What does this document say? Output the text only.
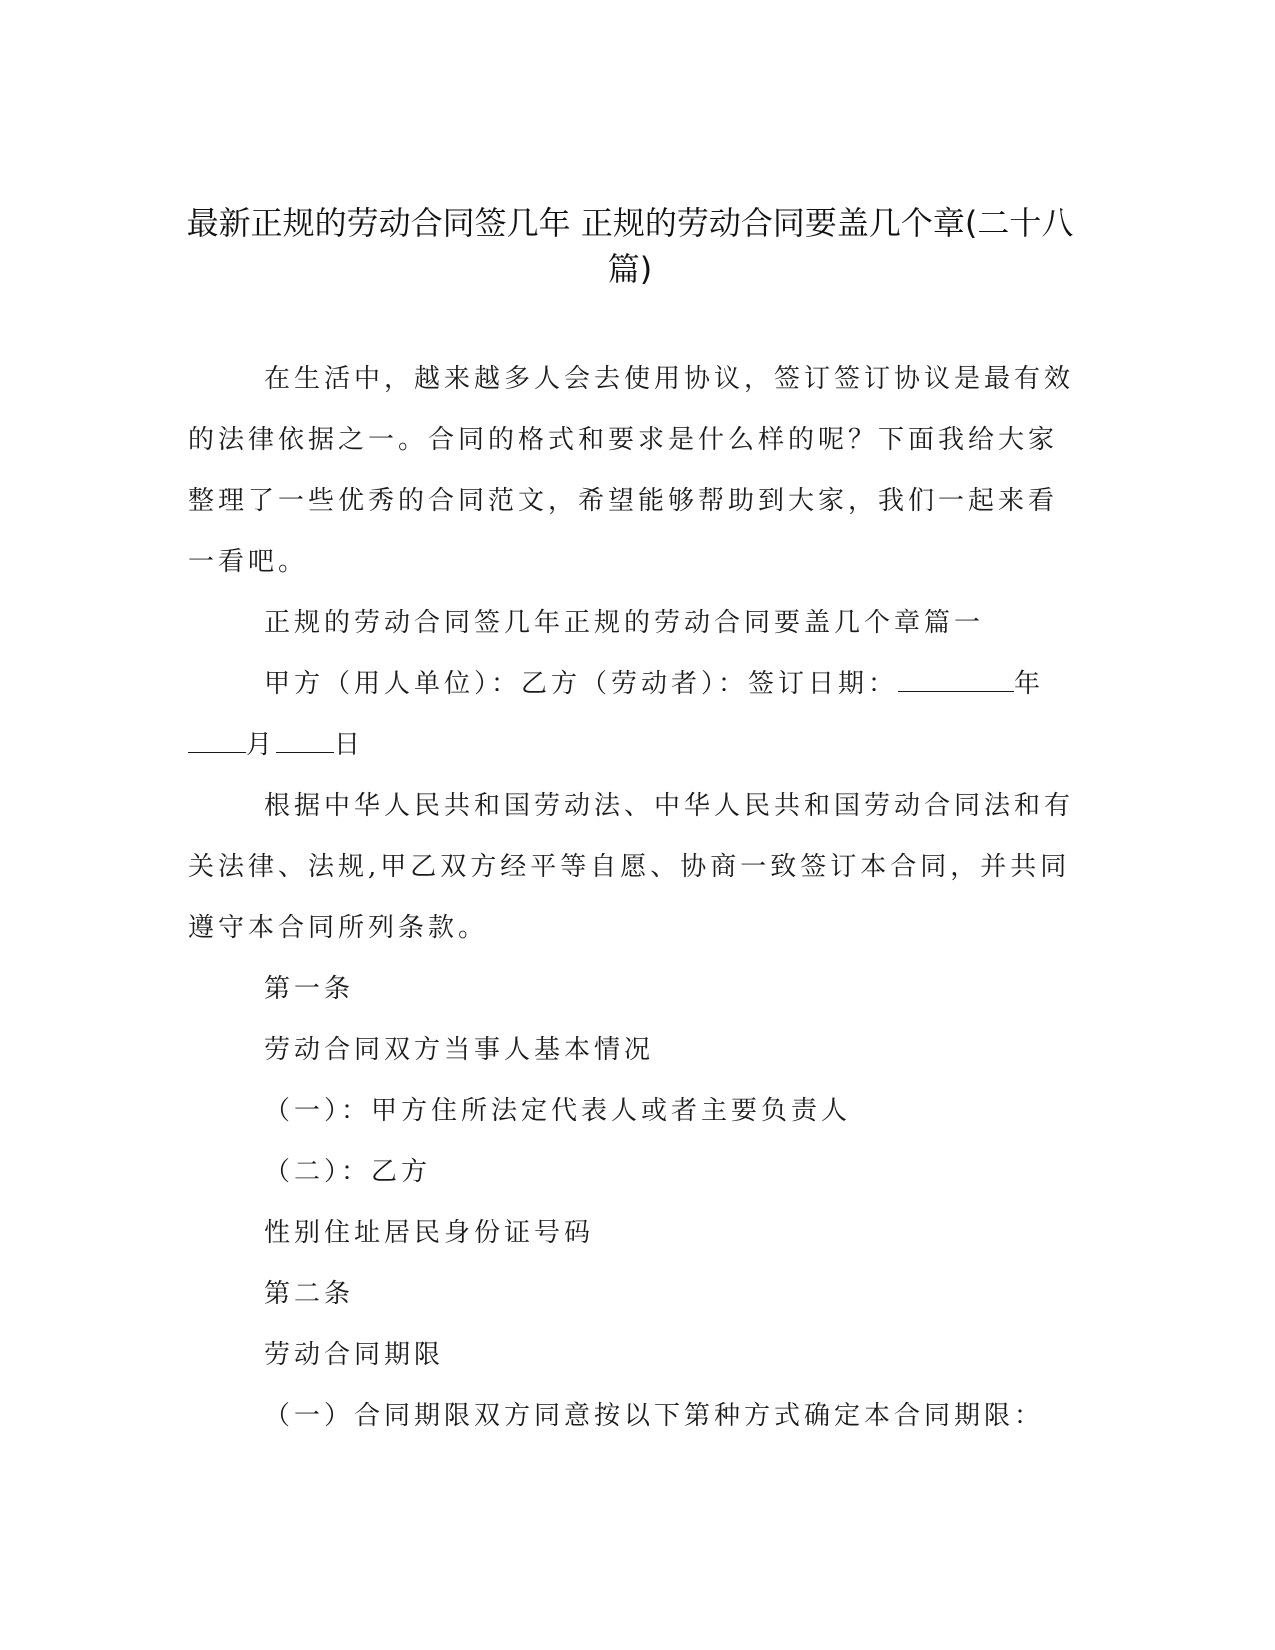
最新正规的劳动合同签几年 正规的劳动合同要盖几个章(二十八篇)

在生活中，越来越多人会去使用协议，签订签订协议是最有效的法律依据之一。合同的格式和要求是什么样的呢？下面我给大家整理了一些优秀的合同范文，希望能够帮助到大家，我们一起来看一看吧。

正规的劳动合同签几年正规的劳动合同要盖几个章篇一

甲方（用人单位）：乙方（劳动者）：签订日期：	年月 日

根据中华人民共和国劳动法、中华人民共和国劳动合同法和有关法律、法规,甲乙双方经平等自愿、协商一致签订本合同，并共同遵守本合同所列条款。

第一条

劳动合同双方当事人基本情况

（一）：甲方住所法定代表人或者主要负责人

（二）：乙方

性别住址居民身份证号码

第二条

劳动合同期限

（一）合同期限双方同意按以下第种方式确定本合同期限：
